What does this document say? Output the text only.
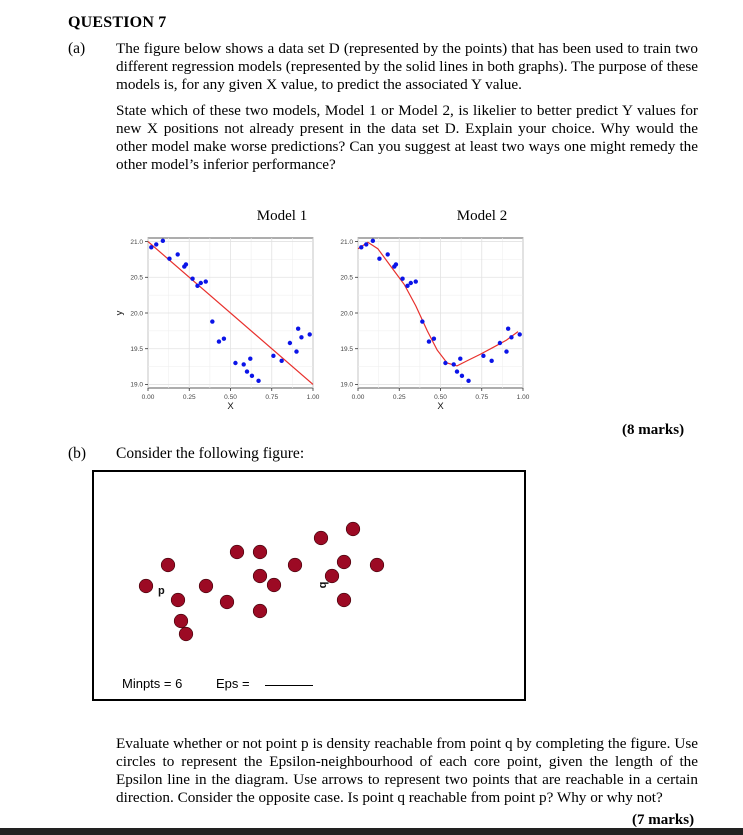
QUESTION 7
(a) The figure below shows a data set D (represented by the points) that has been used to train two different regression models (represented by the solid lines in both graphs). The purpose of these models is, for any given X value, to predict the associated Y value.

State which of these two models, Model 1 or Model 2, is likelier to better predict Y values for new X positions not already present in the data set D. Explain your choice. Why would the other model make worse predictions? Can you suggest at least two ways one might remedy the other model’s inferior performance?

Model 1	Model 2
0.00	0.25	0.50	0.75	1.00
19.0
19.5
20.0
20.5
21.0
X
y
0.00	0.25	0.50	0.75	1.00
19.0
19.5
20.0
20.5
21.0
X
(8 marks)
(b) Consider the following figure:
p	q
Minpts = 6	Eps =
Evaluate whether or not point p is density reachable from point q by completing the figure. Use circles to represent the Epsilon-neighbourhood of each core point, given the length of the Epsilon line in the diagram. Use arrows to represent two points that are reachable in a certain direction. Consider the opposite case. Is point q reachable from point p? Why or why not?
(7 marks)
